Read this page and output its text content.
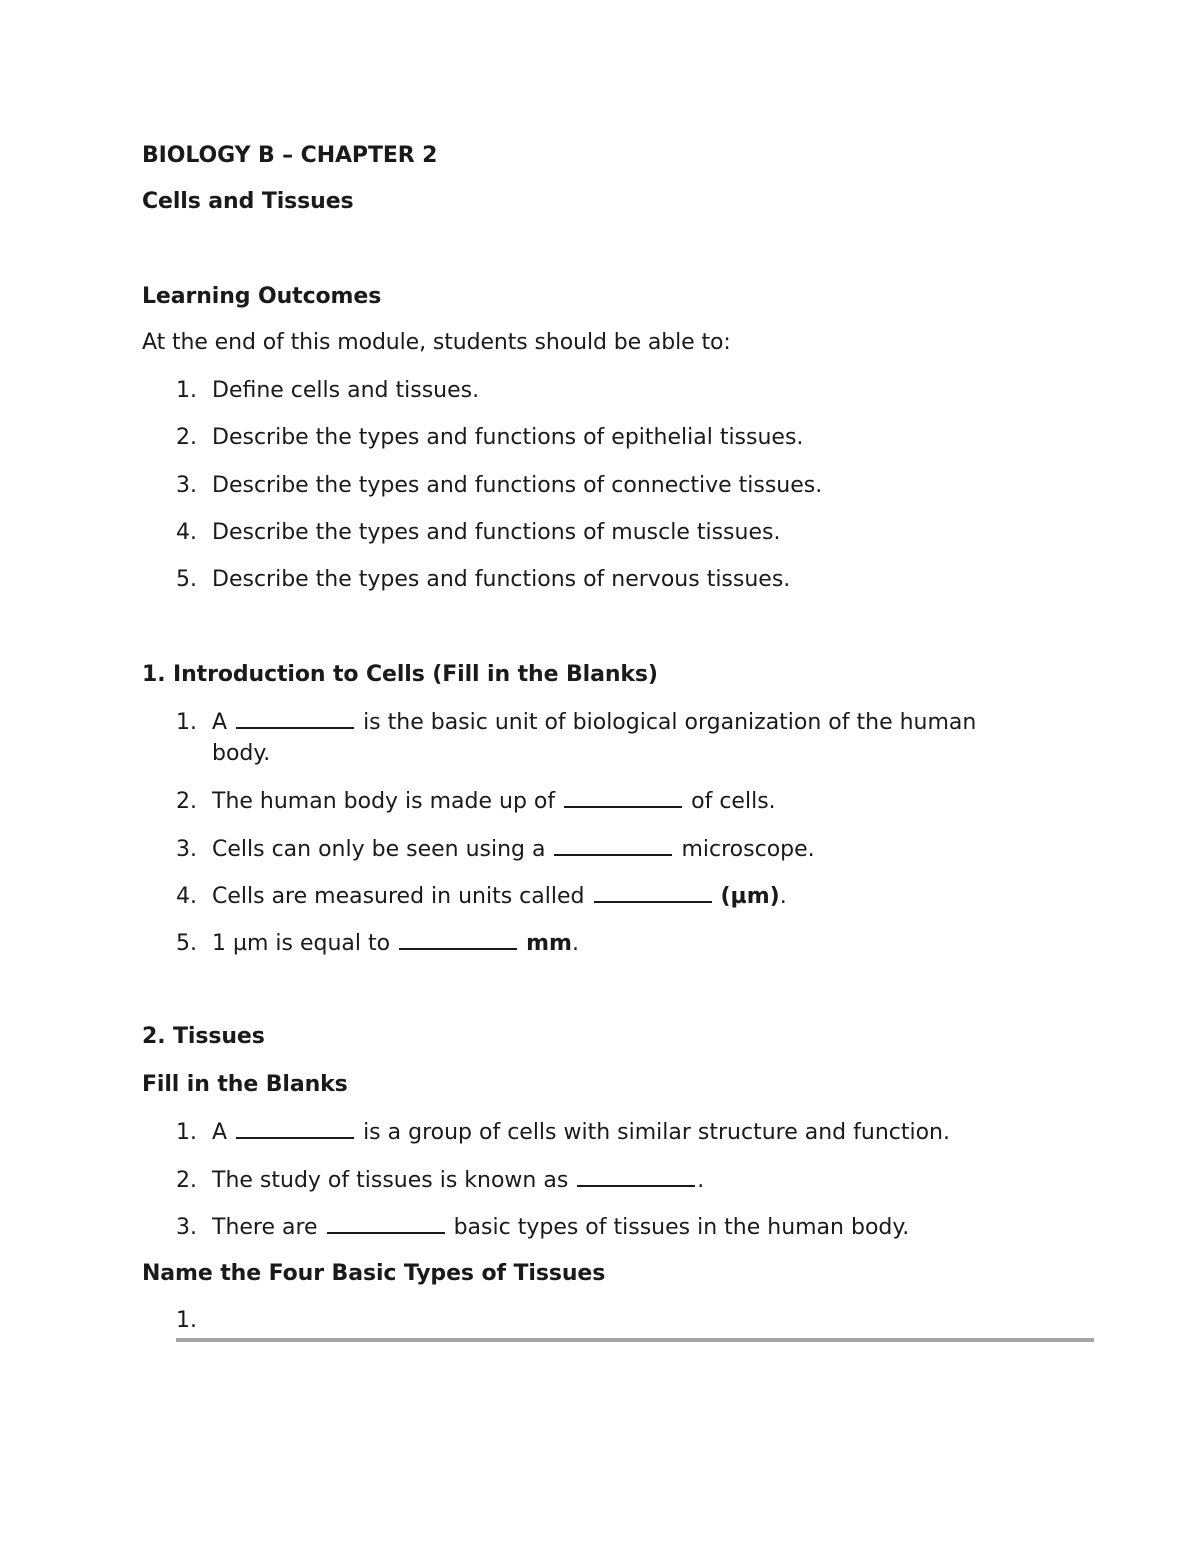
BIOLOGY B – CHAPTER 2
Cells and Tissues
Learning Outcomes
At the end of this module, students should be able to:
1. Define cells and tissues.
2. Describe the types and functions of epithelial tissues.
3. Describe the types and functions of connective tissues.
4. Describe the types and functions of muscle tissues.
5. Describe the types and functions of nervous tissues.
1. Introduction to Cells (Fill in the Blanks)
1. A	is the basic unit of biological organization of the human
body.
2. The human body is made up of	of cells.
3. Cells can only be seen using a	microscope.
4. Cells are measured in units called	(µm).
5. 1 µm is equal to	mm.
2. Tissues
Fill in the Blanks
1. A	is a group of cells with similar structure and function.
2. The study of tissues is known as	.
3. There are	basic types of tissues in the human body.
Name the Four Basic Types of Tissues
1.
